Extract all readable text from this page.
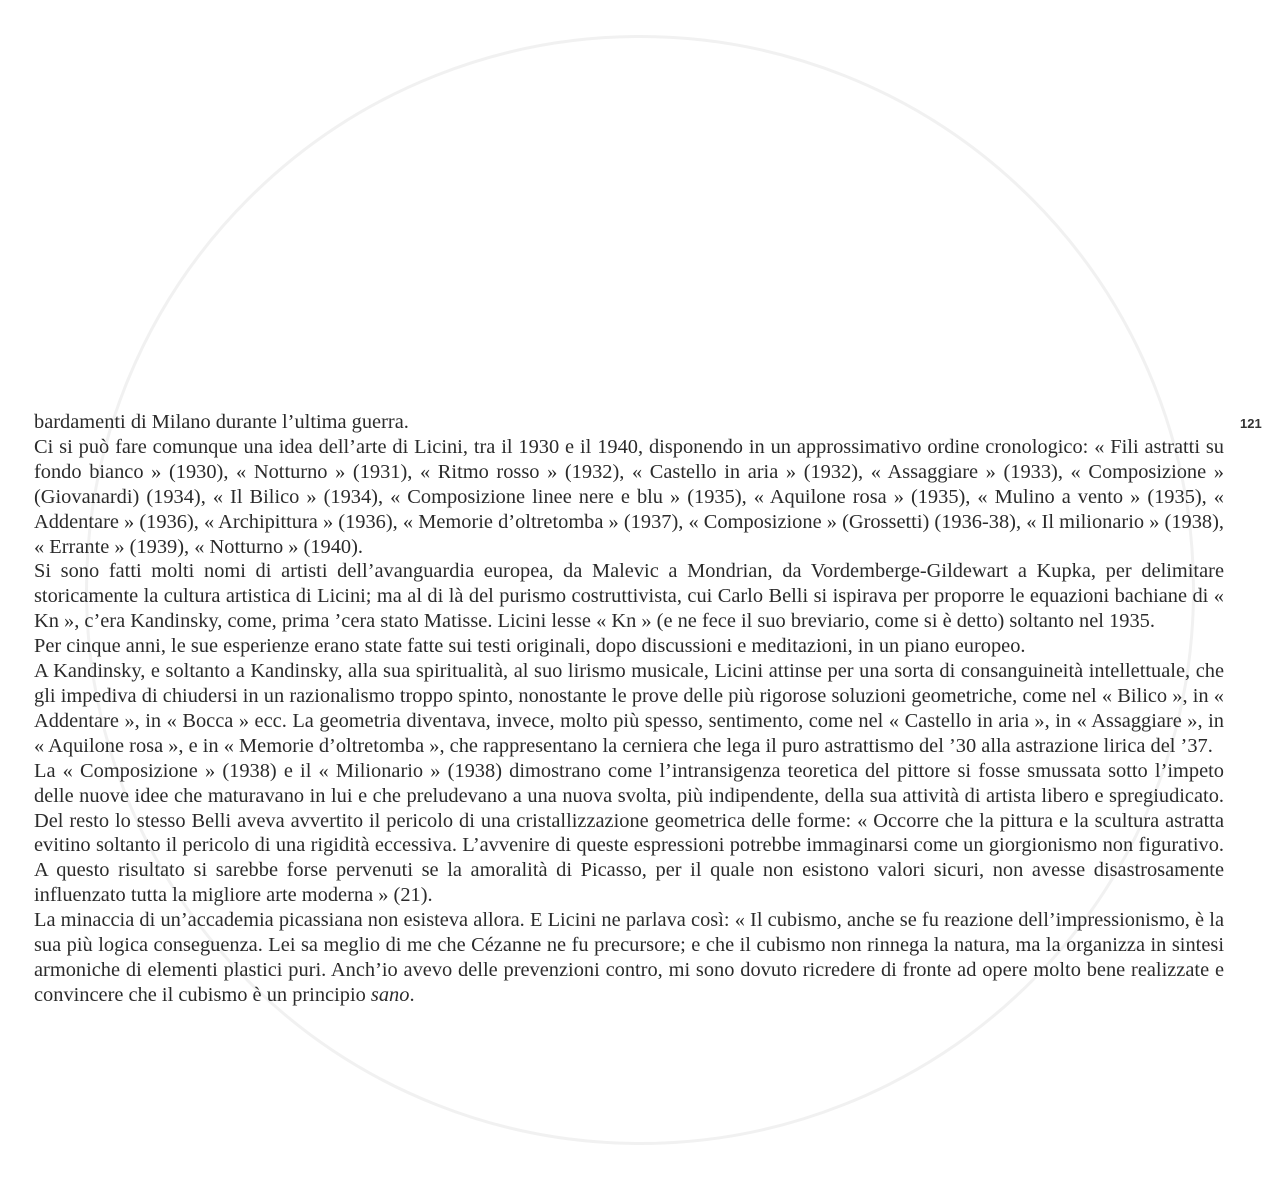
121

bardamenti di Milano durante l’ultima guerra.

Ci si può fare comunque una idea dell’arte di Licini, tra il 1930 e il 1940, disponendo in un approssimativo ordine cronologico: « Fili astratti su fondo bianco » (1930), « Notturno » (1931), « Ritmo rosso » (1932), « Castello in aria » (1932), « Assaggiare » (1933), « Composizione » (Giovanardi) (1934), « Il Bilico » (1934), « Composizione linee nere e blu » (1935), « Aquilone rosa » (1935), « Mulino a vento » (1935), « Addentare » (1936), « Archipittura » (1936), « Memorie d’oltretomba » (1937), « Composizione » (Grossetti) (1936-38), « Il milionario » (1938), « Errante » (1939), « Notturno » (1940).

Si sono fatti molti nomi di artisti dell’avanguardia europea, da Malevic a Mondrian, da Vordemberge-Gildewart a Kupka, per delimitare storicamente la cultura artistica di Licini; ma al di là del purismo costruttivista, cui Carlo Belli si ispirava per proporre le equazioni bachiane di « Kn », c’era Kandinsky, come, prima ’cera stato Matisse. Licini lesse « Kn » (e ne fece il suo breviario, come si è detto) soltanto nel 1935.

Per cinque anni, le sue esperienze erano state fatte sui testi originali, dopo discussioni e meditazioni, in un piano europeo.

A Kandinsky, e soltanto a Kandinsky, alla sua spiritualità, al suo lirismo musicale, Licini attinse per una sorta di consanguineità intellettuale, che gli impediva di chiudersi in un razionalismo troppo spinto, nonostante le prove delle più rigorose soluzioni geometriche, come nel « Bilico », in « Addentare », in « Bocca » ecc. La geometria diventava, invece, molto più spesso, sentimento, come nel « Castello in aria », in « Assaggiare », in « Aquilone rosa », e in « Memorie d’oltretomba », che rappresentano la cerniera che lega il puro astrattismo del ’30 alla astrazione lirica del ’37.

La « Composizione » (1938) e il « Milionario » (1938) dimostrano come l’intransigenza teoretica del pittore si fosse smussata sotto l’impeto delle nuove idee che maturavano in lui e che preludevano a una nuova svolta, più indipendente, della sua attività di artista libero e spregiudicato. Del resto lo stesso Belli aveva avvertito il pericolo di una cristallizzazione geometrica delle forme: « Occorre che la pittura e la scultura astratta evitino soltanto il pericolo di una rigidità eccessiva. L’avvenire di queste espressioni potrebbe immaginarsi come un giorgionismo non figurativo. A questo risultato si sarebbe forse pervenuti se la amoralità di Picasso, per il quale non esistono valori sicuri, non avesse disastrosamente influenzato tutta la migliore arte moderna » (21).

La minaccia di un’accademia picassiana non esisteva allora. E Licini ne parlava così: « Il cubismo, anche se fu reazione dell’impressionismo, è la sua più logica conseguenza. Lei sa meglio di me che Cézanne ne fu precursore; e che il cubismo non rinnega la natura, ma la organizza in sintesi armoniche di elementi plastici puri. Anch’io avevo delle prevenzioni contro, mi sono dovuto ricredere di fronte ad opere molto bene realizzate e convincere che il cubismo è un principio sano.
